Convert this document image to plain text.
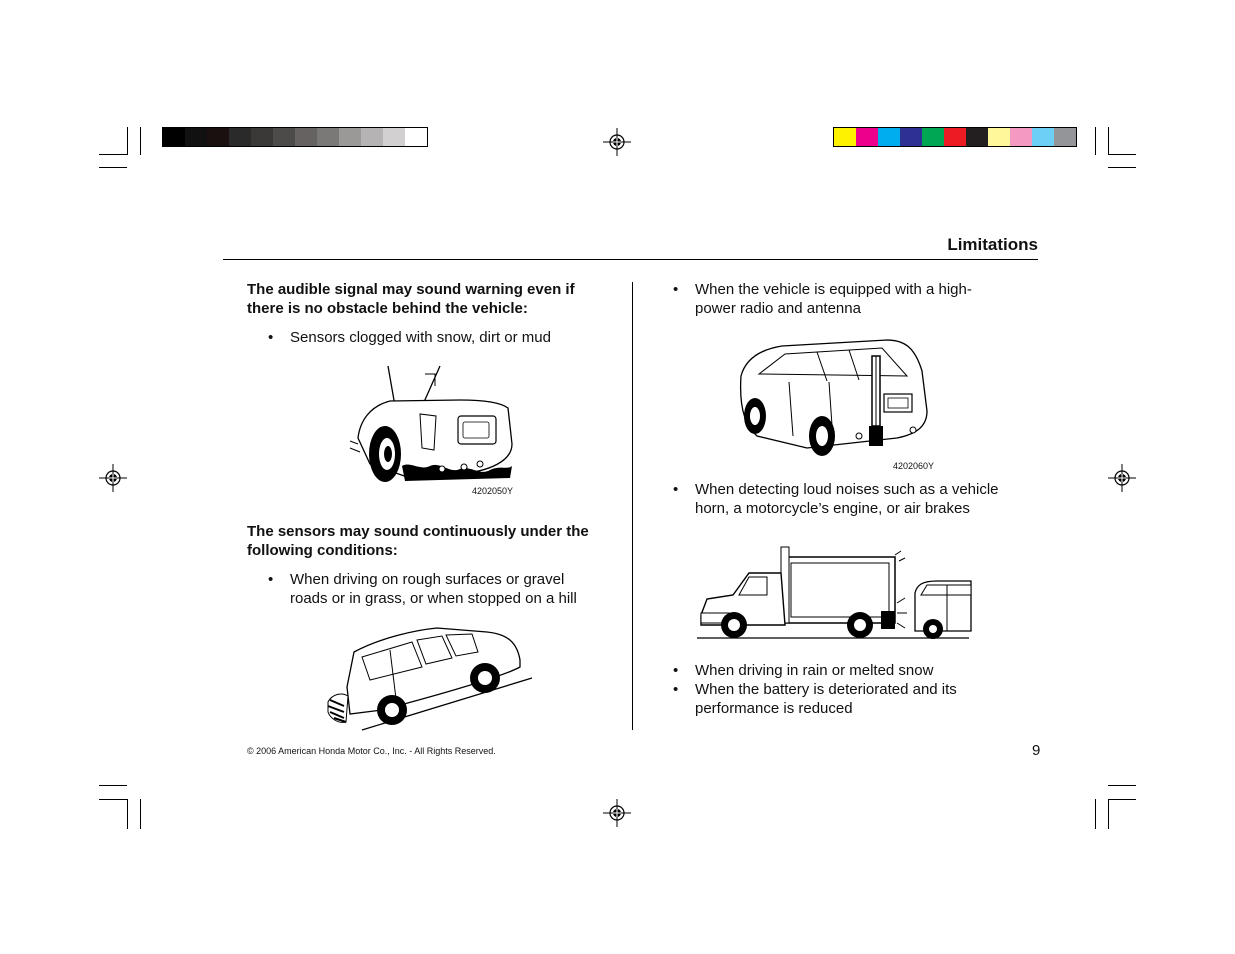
Limitations
The audible signal may sound warning even if there is no obstacle behind the vehicle:
• Sensors clogged with snow, dirt or mud
4202050Y
The sensors may sound continuously under the following conditions:
• When driving on rough surfaces or gravel roads or in grass, or when stopped on a hill
• When the vehicle is equipped with a high-power radio and antenna
4202060Y
• When detecting loud noises such as a vehicle horn, a motorcycle’s engine, or air brakes
• When driving in rain or melted snow
• When the battery is deteriorated and its performance is reduced
© 2006 American Honda Motor Co., Inc. - All Rights Reserved.	9
